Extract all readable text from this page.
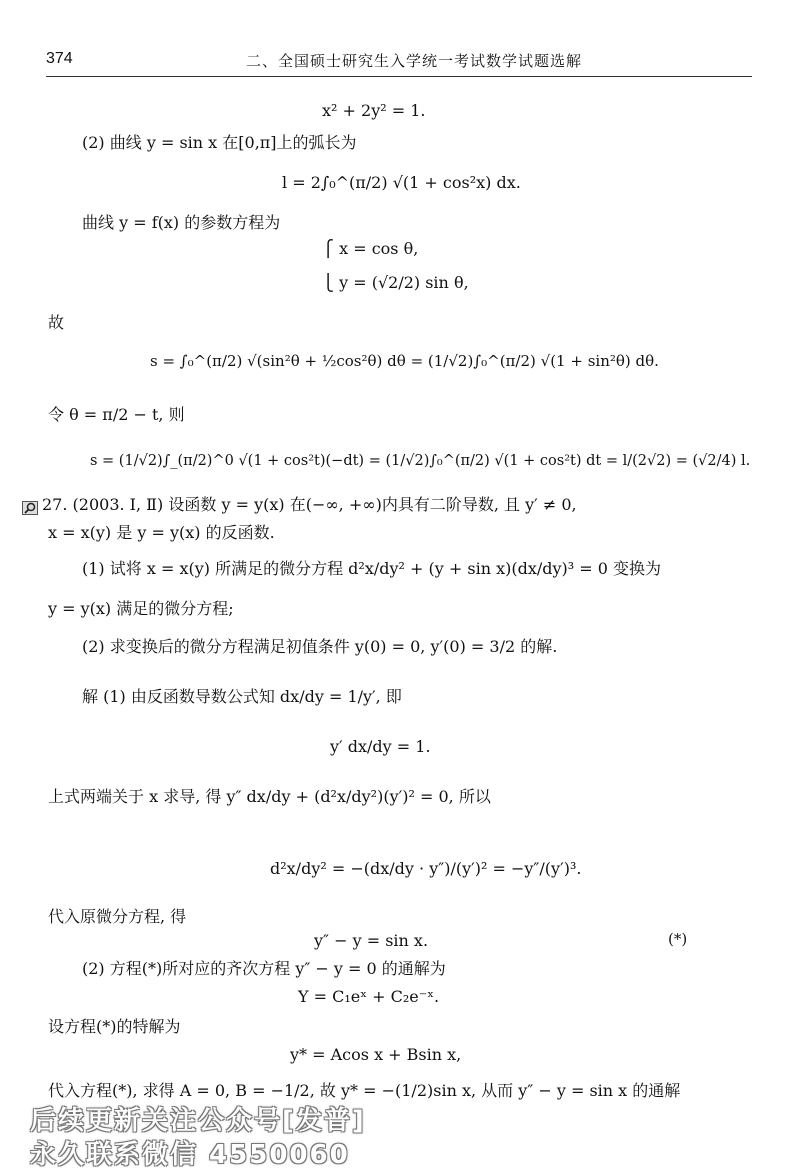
374	二、全国硕士研究生入学统一考试数学试题选解
x² + 2y² = 1.
(2) 曲线 y = sin x 在[0,π]上的弧长为
l = 2∫₀^(π/2) √(1 + cos²x) dx.
曲线 y = f(x) 的参数方程为
⎧ x = cos θ,
⎩ y = (√2/2) sin θ,
故
s = ∫₀^(π/2) √(sin²θ + ½cos²θ) dθ = (1/√2)∫₀^(π/2) √(1 + sin²θ) dθ.
令 θ = π/2 − t, 则
s = (1/√2)∫_(π/2)^0 √(1 + cos²t)(−dt) = (1/√2)∫₀^(π/2) √(1 + cos²t) dt = l/(2√2) = (√2/4) l.
27. (2003. Ⅰ, Ⅱ) 设函数 y = y(x) 在(−∞, +∞)内具有二阶导数, 且 y′ ≠ 0,
x = x(y) 是 y = y(x) 的反函数.
(1) 试将 x = x(y) 所满足的微分方程 d²x/dy² + (y + sin x)(dx/dy)³ = 0 变换为
y = y(x) 满足的微分方程;
(2) 求变换后的微分方程满足初值条件 y(0) = 0, y′(0) = 3/2 的解.
解 (1) 由反函数导数公式知 dx/dy = 1/y′, 即
y′ dx/dy = 1.
上式两端关于 x 求导, 得 y″ dx/dy + (d²x/dy²)(y′)² = 0, 所以
d²x/dy² = −(dx/dy · y″)/(y′)² = −y″/(y′)³.
代入原微分方程, 得
y″ − y = sin x.	(*)
(2) 方程(*)所对应的齐次方程 y″ − y = 0 的通解为
Y = C₁eˣ + C₂e⁻ˣ.
设方程(*)的特解为
y* = Acos x + Bsin x,
代入方程(*), 求得 A = 0, B = −1/2, 故 y* = −(1/2)sin x, 从而 y″ − y = sin x 的通解
后续更新关注公众号[发普]
永久联系微信 4550060
